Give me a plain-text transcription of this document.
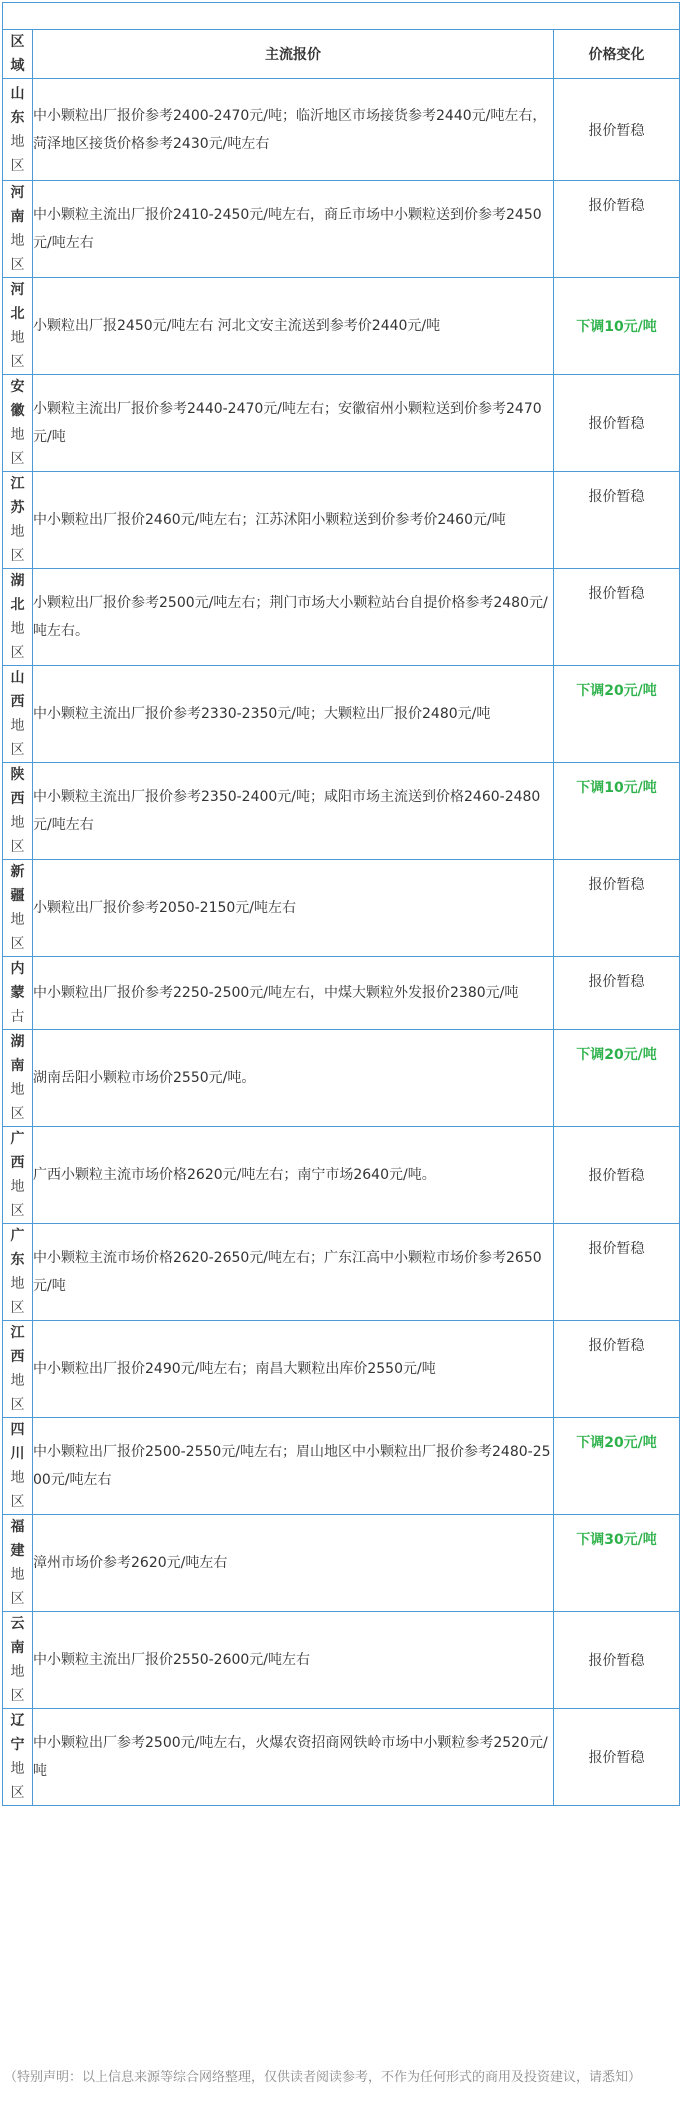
区
域	主流报价	价格变化

山
东
地
区	中小颗粒出厂报价参考2400-2470元/吨；临沂地区市场接货参考2440元/吨左右，菏泽地区接货价格参考2430元/吨左右	报价暂稳

河
南
地
区	中小颗粒主流出厂报价2410-2450元/吨左右，商丘市场中小颗粒送到价参考2450元/吨左右	报价暂稳

河
北
地
区	小颗粒出厂报2450元/吨左右 河北文安主流送到参考价2440元/吨	下调10元/吨

安
徽
地
区	小颗粒主流出厂报价参考2440-2470元/吨左右；安徽宿州小颗粒送到价参考2470元/吨	报价暂稳

江
苏
地
区	中小颗粒出厂报价2460元/吨左右；江苏沭阳小颗粒送到价参考价2460元/吨	报价暂稳

湖
北
地
区	小颗粒出厂报价参考2500元/吨左右；荆门市场大小颗粒站台自提价格参考2480元/吨左右。	报价暂稳

山
西
地
区	中小颗粒主流出厂报价参考2330-2350元/吨；大颗粒出厂报价2480元/吨	下调20元/吨

陕
西
地
区	中小颗粒主流出厂报价参考2350-2400元/吨；咸阳市场主流送到价格2460-2480元/吨左右	下调10元/吨

新
疆
地
区	小颗粒出厂报价参考2050-2150元/吨左右	报价暂稳

内
蒙
古	中小颗粒出厂报价参考2250-2500元/吨左右，中煤大颗粒外发报价2380元/吨	报价暂稳

湖
南
地
区	湖南岳阳小颗粒市场价2550元/吨。	下调20元/吨

广
西
地
区	广西小颗粒主流市场价格2620元/吨左右；南宁市场2640元/吨。	报价暂稳

广
东
地
区	中小颗粒主流市场价格2620-2650元/吨左右；广东江高中小颗粒市场价参考2650元/吨	报价暂稳

江
西
地
区	中小颗粒出厂报价2490元/吨左右；南昌大颗粒出库价2550元/吨	报价暂稳

四
川
地
区	中小颗粒出厂报价2500-2550元/吨左右；眉山地区中小颗粒出厂报价参考2480-2500元/吨左右	下调20元/吨

福
建
地
区	漳州市场价参考2620元/吨左右	下调30元/吨

云
南
地
区	中小颗粒主流出厂报价2550-2600元/吨左右	报价暂稳

辽
宁
地
区	中小颗粒出厂参考2500元/吨左右，火爆农资招商网铁岭市场中小颗粒参考2520元/吨	报价暂稳
（特别声明：以上信息来源等综合网络整理，仅供读者阅读参考，不作为任何形式的商用及投资建议，请悉知）
